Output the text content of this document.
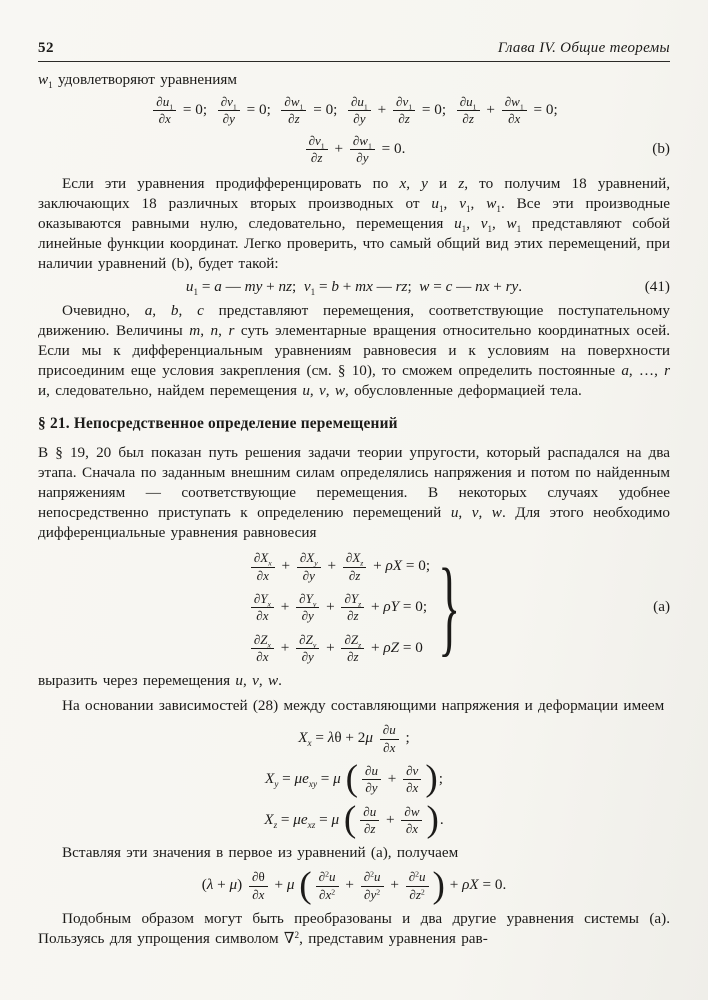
52	Глава IV. Общие теоремы

$w_1$ удовлетворяют уравнениям

$\frac{\partial u_1}{\partial x} = 0$;  $\frac{\partial v_1}{\partial y} = 0$;  $\frac{\partial w_1}{\partial z} = 0$;  $\frac{\partial u_1}{\partial y} + \frac{\partial v_1}{\partial z} = 0$;  $\frac{\partial u_1}{\partial z} + \frac{\partial w_1}{\partial x} = 0$;
$\frac{\partial v_1}{\partial z} + \frac{\partial w_1}{\partial y} = 0$.	(b)

Если эти уравнения продифференцировать по x, y и z, то получим 18 уравнений, заключающих 18 различных вторых производных от $u_1$, $v_1$, $w_1$. Все эти производные оказываются равными нулю, следовательно, перемещения $u_1$, $v_1$, $w_1$ представляют собой линейные функции координат. Легко проверить, что самый общий вид этих перемещений, при наличии уравнений (b), будет такой:

$u_1 = a$ — my + nz; $v_1 = b$ + mx — rz; w = c — nx + ry.	(41)

Очевидно, a, b, c представляют перемещения, соответствующие поступательному движению. Величины m, n, r суть элементарные вращения относительно координатных осей. Если мы к дифференциальным уравнениям равновесия и к условиям на поверхности присоединим еще условия закрепления (см. § 10), то сможем определить постоянные a, …, r и, следовательно, найдем перемещения u, v, w, обусловленные деформацией тела.

§ 21. Непосредственное определение перемещений

В § 19, 20 был показан путь решения задачи теории упругости, который распадался на два этапа. Сначала по заданным внешним силам определялись напряжения и потом по найденным напряжениям — соответствующие перемещения. В некоторых случаях удобнее непосредственно приступать к определению перемещений u, v, w. Для этого необходимо дифференциальные уравнения равновесия

$\frac{\partial X_x}{\partial x} + \frac{\partial X_y}{\partial y} + \frac{\partial X_z}{\partial z} + \rho X = 0$;
$\frac{\partial Y_x}{\partial x} + \frac{\partial Y_y}{\partial y} + \frac{\partial Y_z}{\partial z} + \rho Y = 0$;
$\frac{\partial Z_x}{\partial x} + \frac{\partial Z_y}{\partial y} + \frac{\partial Z_z}{\partial z} + \rho Z = 0$ }	(a)

выразить через перемещения u, v, w.

На основании зависимостей (28) между составляющими напряжения и деформации имеем

$X_x = \lambda\theta + 2\mu \frac{\partial u}{\partial x}$ ;
$X_y = \mu e_{xy} = \mu$ ( $\frac{\partial u}{\partial y} + \frac{\partial v}{\partial x}$ ) ;
$X_z = \mu e_{xz} = \mu$ ( $\frac{\partial u}{\partial z} + \frac{\partial w}{\partial x}$ ) .

Вставляя эти значения в первое из уравнений (а), получаем

$(\lambda + \mu) \frac{\partial\theta}{\partial x} + \mu$ ( $\frac{\partial^2u}{\partial x^2} + \frac{\partial^2u}{\partial y^2} + \frac{\partial^2u}{\partial z^2}$ ) + ρX = 0.

Подобным образом могут быть преобразованы и два другие уравнения системы (а). Пользуясь для упрощения символом ∇$^2$, представим уравнения рав-
